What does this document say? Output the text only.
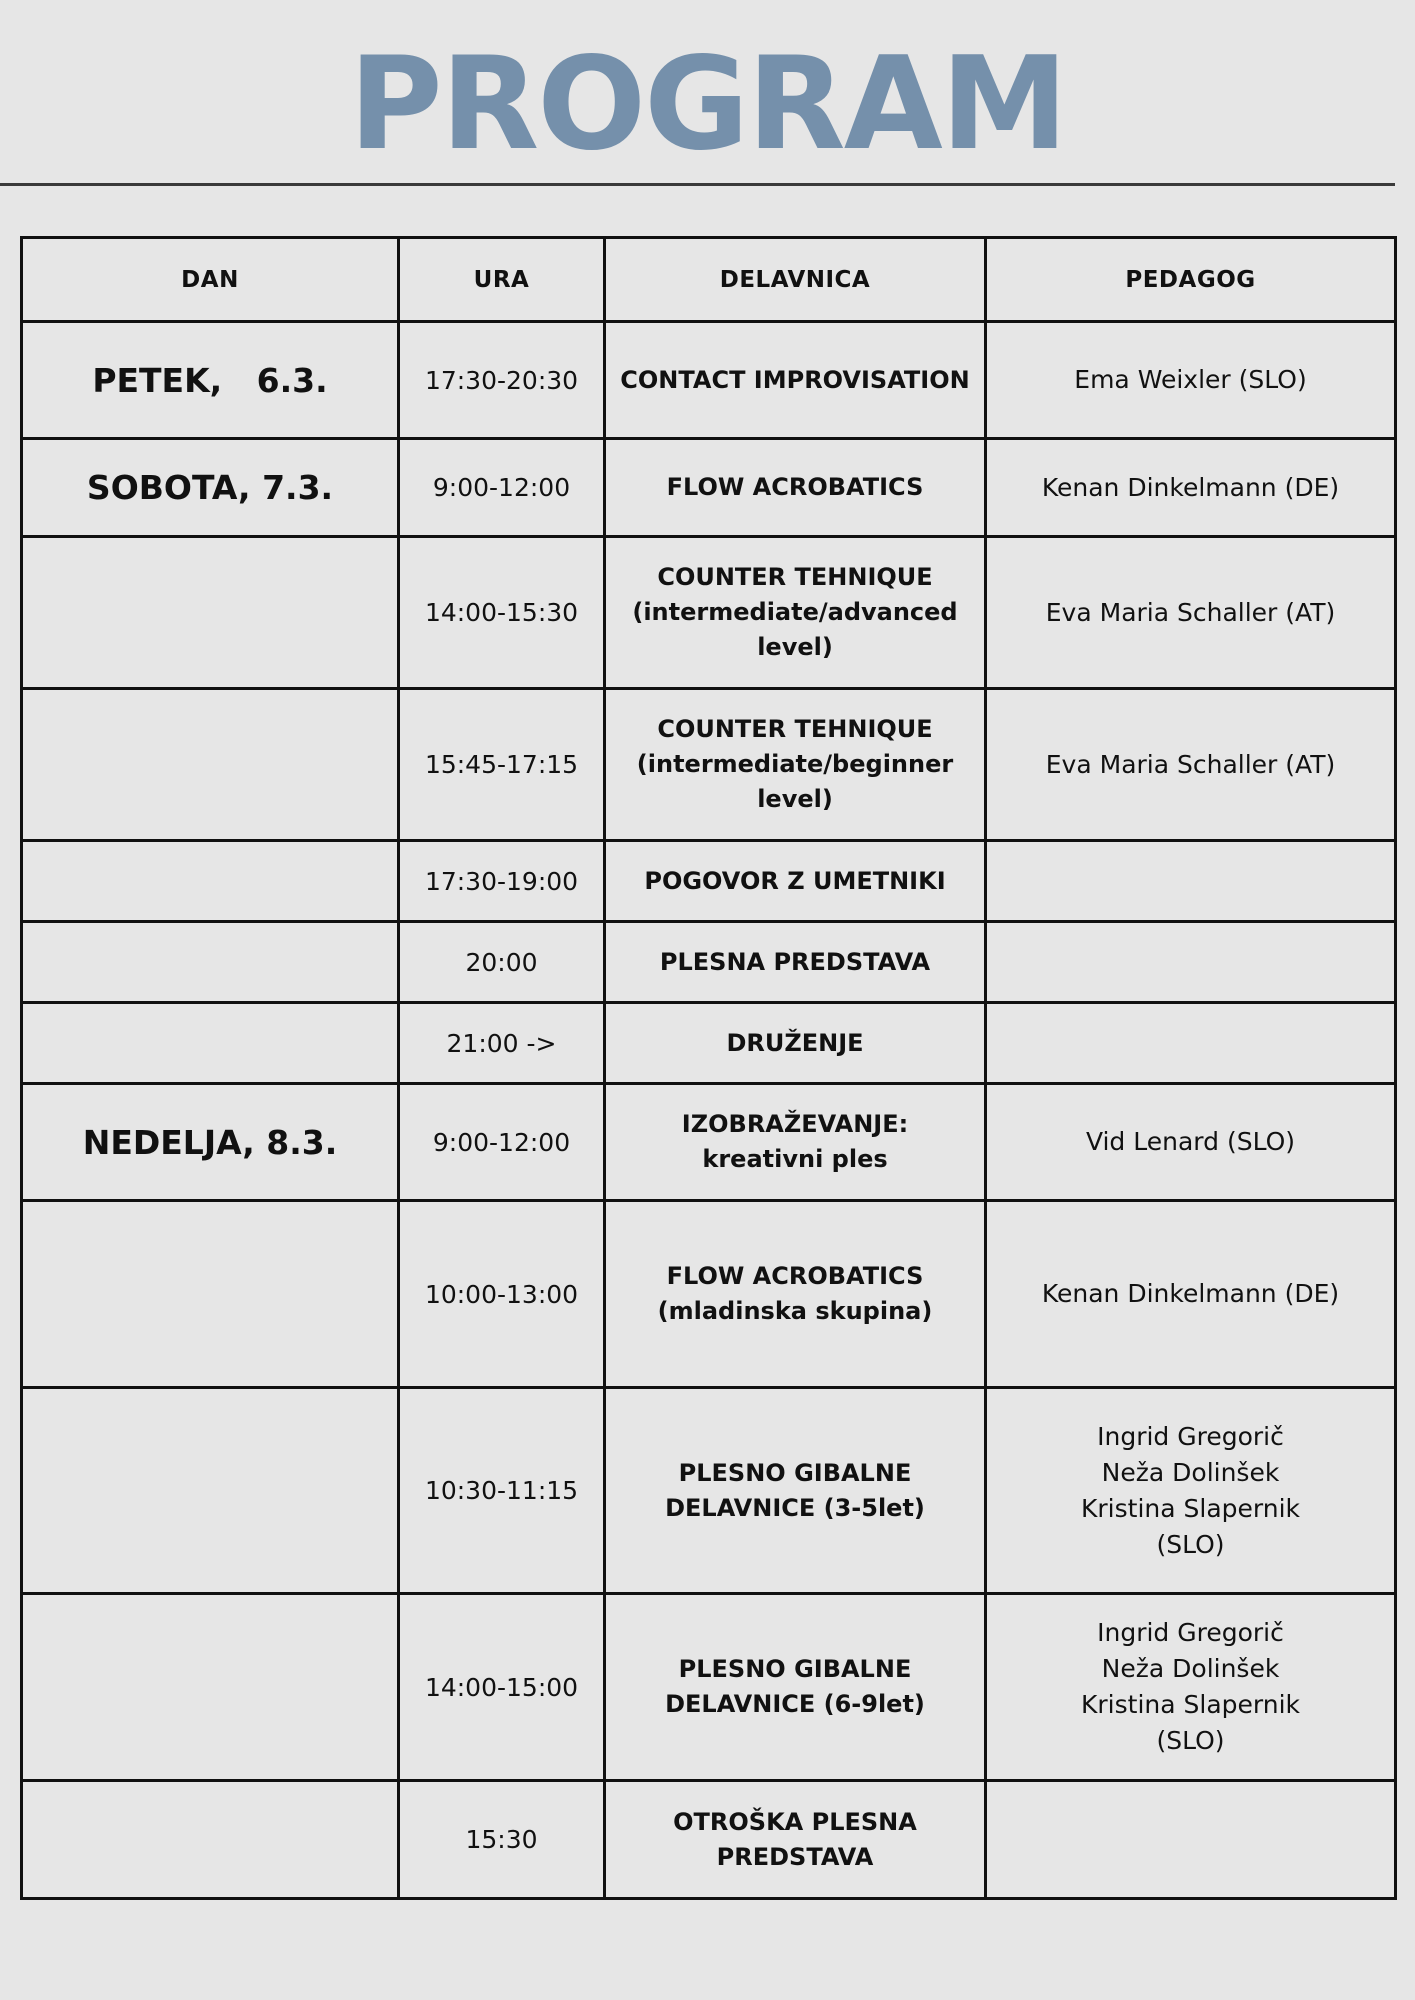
PROGRAM
DAN	URA	DELAVNICA	PEDAGOG
PETEK,   6.3.	17:30-20:30	CONTACT IMPROVISATION	Ema Weixler (SLO)
SOBOTA, 7.3.	9:00-12:00	FLOW ACROBATICS	Kenan Dinkelmann (DE)
	14:00-15:30	COUNTER TEHNIQUE (intermediate/advanced level)	Eva Maria Schaller (AT)
	15:45-17:15	COUNTER TEHNIQUE (intermediate/beginner level)	Eva Maria Schaller (AT)
	17:30-19:00	POGOVOR Z UMETNIKI	
	20:00	PLESNA PREDSTAVA	
	21:00 ->	DRUŽENJE	
NEDELJA, 8.3.	9:00-12:00	IZOBRAŽEVANJE: kreativni ples	Vid Lenard (SLO)
	10:00-13:00	FLOW ACROBATICS (mladinska skupina)	Kenan Dinkelmann (DE)
	10:30-11:15	PLESNO GIBALNE DELAVNICE (3-5let)	Ingrid Gregorič
Neža Dolinšek
Kristina Slapernik
(SLO)
	14:00-15:00	PLESNO GIBALNE DELAVNICE (6-9let)	Ingrid Gregorič
Neža Dolinšek
Kristina Slapernik
(SLO)
	15:30	OTROŠKA PLESNA PREDSTAVA	
